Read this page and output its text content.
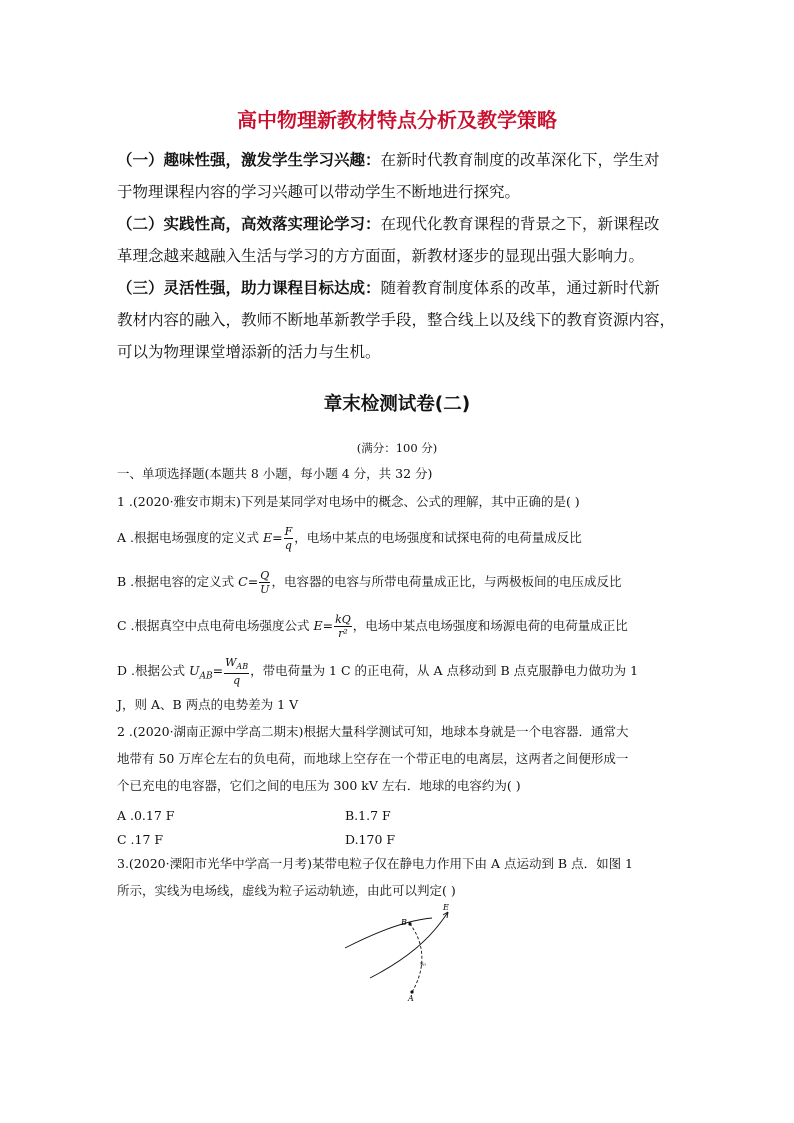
高中物理新教材特点分析及教学策略

（一）趣味性强，激发学生学习兴趣：在新时代教育制度的改革深化下，学生对

于物理课程内容的学习兴趣可以带动学生不断地进行探究。

（二）实践性高，高效落实理论学习：在现代化教育课程的背景之下，新课程改

革理念越来越融入生活与学习的方方面面，新教材逐步的显现出强大影响力。

（三）灵活性强，助力课程目标达成：随着教育制度体系的改革，通过新时代新

教材内容的融入，教师不断地革新教学手段，整合线上以及线下的教育资源内容，

可以为物理课堂增添新的活力与生机。

章末检测试卷(二)
(满分：100 分)
一、单项选择题(本题共 8 小题，每小题 4 分，共 32 分)
1 .(2020·雅安市期末)下列是某同学对电场中的概念、公式的理解，其中正确的是( )
A .根据电场强度的定义式 $E= \frac{F}{q}$ ，电场中某点的电场强度和试探电荷的电荷量成反比
B .根据电容的定义式 $C= \frac{Q}{U}$ ，电容器的电容与所带电荷量成正比，与两极板间的电压成反比
C .根据真空中点电荷电场强度公式 $E= \frac{kQ}{\text{r²}}$ ，电场中某点电场强度和场源电荷的电荷量成正比
D .根据公式 $U_{AB}= \frac{W_{AB}}{q}$ ，带电荷量为 1 C 的正电荷，从 A 点移动到 B 点克服静电力做功为 1
J，则 A、B 两点的电势差为 1 V
2 .(2020·湖南正源中学高二期末)根据大量科学测试可知，地球本身就是一个电容器．通常大
地带有 50 万库仑左右的负电荷，而地球上空存在一个带正电的电离层，这两者之间便形成一
个已充电的电容器，它们之间的电压为 300 kV 左右．地球的电容约为( )
A .0.17 F	B.1.7 F
C .17 F	D.170 F
3.(2020·溧阳市光华中学高一月考)某带电粒子仅在静电力作用下由 A 点运动到 B 点．如图 1
所示，实线为电场线，虚线为粒子运动轨迹，由此可以判定( )
A
B
E
v₀
